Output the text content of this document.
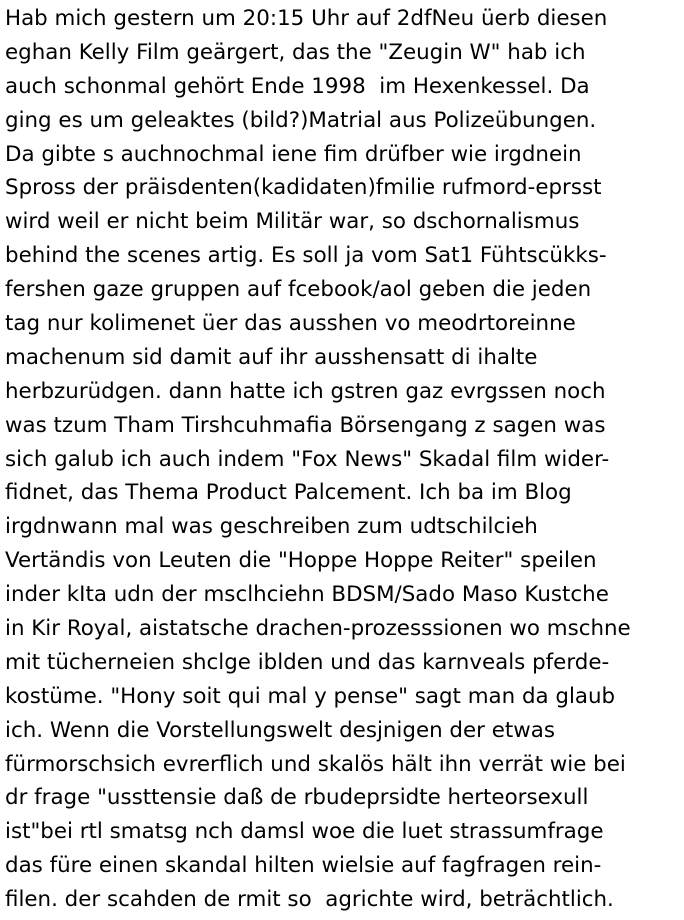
Hab mich gestern um 20:15 Uhr auf 2dfNeu üerb diesen
eghan Kelly Film geärgert, das the "Zeugin W" hab ich
auch schonmal gehört Ende 1998  im Hexenkessel. Da
ging es um geleaktes (bild?)Matrial aus Polizeübungen.
Da gibte s auchnochmal iene fim drüfber wie irgdnein
Spross der präisdenten(kadidaten)fmilie rufmord-eprsst
wird weil er nicht beim Militär war, so dschornalismus
behind the scenes artig. Es soll ja vom Sat1 Fühtscükks-
fershen gaze gruppen auf fcebook/aol geben die jeden
tag nur kolimenet üer das ausshen vo meodrtoreinne
machenum sid damit auf ihr ausshensatt di ihalte
herbzurüdgen. dann hatte ich gstren gaz evrgssen noch
was tzum Tham Tirshcuhmafia Börsengang z sagen was
sich galub ich auch indem "Fox News" Skadal film wider-
fidnet, das Thema Product Palcement. Ich ba im Blog
irgdnwann mal was geschreiben zum udtschilcieh
Vertändis von Leuten die "Hoppe Hoppe Reiter" speilen
inder kIta udn der msclhciehn BDSM/Sado Maso Kustche
in Kir Royal, aistatsche drachen-prozesssionen wo mschne
mit tücherneien shclge iblden und das karnveals pferde-
kostüme. "Hony soit qui mal y pense" sagt man da glaub
ich. Wenn die Vorstellungswelt desjnigen der etwas
fürmorschsich evrerflich und skalös hält ihn verrät wie bei
dr frage "ussttensie daß de rbudeprsidte herteorsexull
ist"bei rtl smatsg nch damsl woe die luet strassumfrage
das füre einen skandal hilten wielsie auf fagfragen rein-
filen. der scahden de rmit so  agrichte wird, beträchtlich.
